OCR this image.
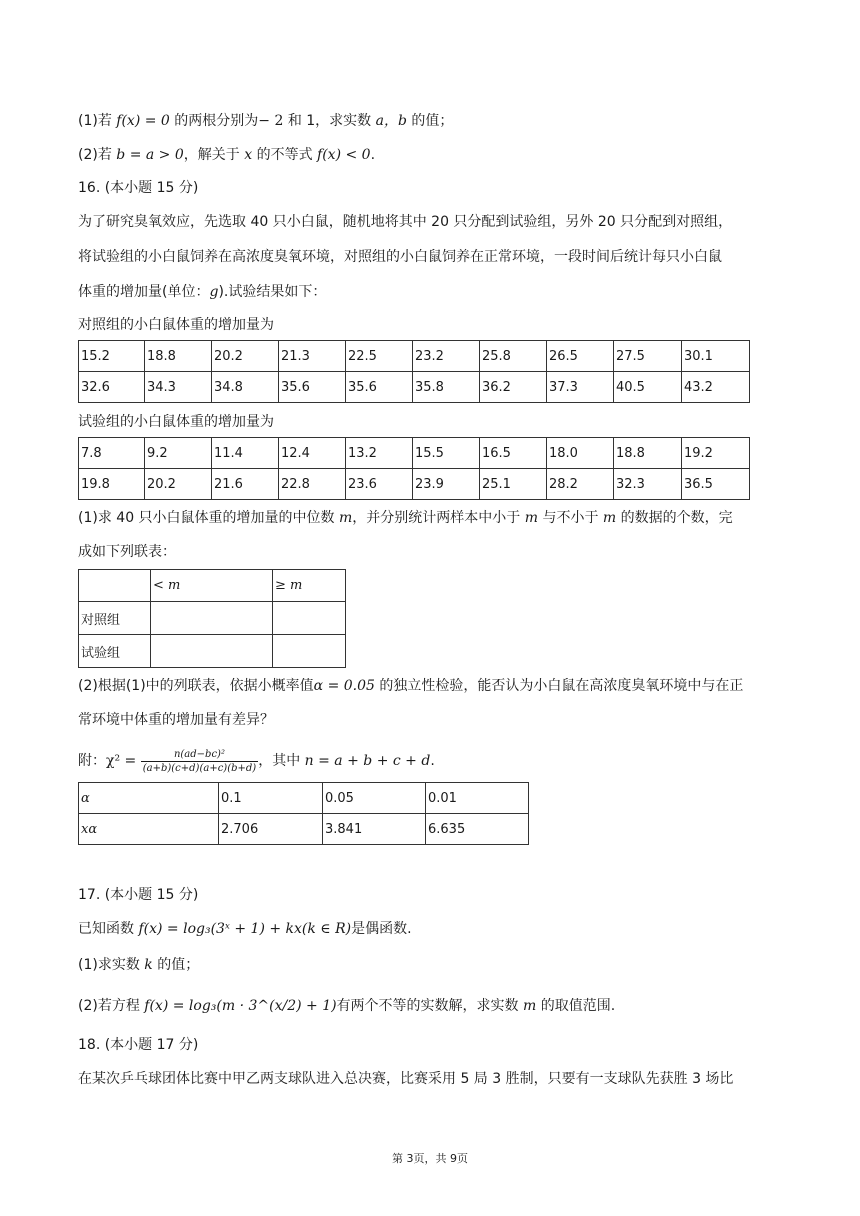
(1)若 f(x) = 0 的两根分别为− 2 和 1，求实数 a，b 的值；
(2)若 b = a > 0，解关于 x 的不等式 f(x) < 0.
16. (本小题 15 分)
为了研究臭氧效应，先选取 40 只小白鼠，随机地将其中 20 只分配到试验组，另外 20 只分配到对照组，
将试验组的小白鼠饲养在高浓度臭氧环境，对照组的小白鼠饲养在正常环境，一段时间后统计每只小白鼠
体重的增加量(单位：g).试验结果如下：
对照组的小白鼠体重的增加量为
15.2	18.8	20.2	21.3	22.5	23.2	25.8	26.5	27.5	30.1
32.6	34.3	34.8	35.6	35.6	35.8	36.2	37.3	40.5	43.2
试验组的小白鼠体重的增加量为
7.8	9.2	11.4	12.4	13.2	15.5	16.5	18.0	18.8	19.2
19.8	20.2	21.6	22.8	23.6	23.9	25.1	28.2	32.3	36.5
(1)求 40 只小白鼠体重的增加量的中位数 m，并分别统计两样本中小于 m 与不小于 m 的数据的个数，完
成如下列联表：
	< m	≥ m
对照组		
试验组		
(2)根据(1)中的列联表，依据小概率值α = 0.05 的独立性检验，能否认为小白鼠在高浓度臭氧环境中与在正
常环境中体重的增加量有差异？
附：$\chi^2 = \frac{\text{n(ad−bc)²}}{(a+b)(c+d)(a+c)(b+d)}$ ，其中 n = a + b + c + d.
α	0.1	0.05	0.01
xα	2.706	3.841	6.635
17. (本小题 15 分)
已知函数 f(x) = log₃(3ˣ + 1) + kx(k ∈ R)是偶函数.
(1)求实数 k 的值；
(2)若方程 f(x) = log₃(m · 3^(x/2) + 1)有两个不等的实数解，求实数 m 的取值范围.
18. (本小题 17 分)
在某次乒乓球团体比赛中甲乙两支球队进入总决赛，比赛采用 5 局 3 胜制，只要有一支球队先获胜 3 场比
第 3页，共 9页
